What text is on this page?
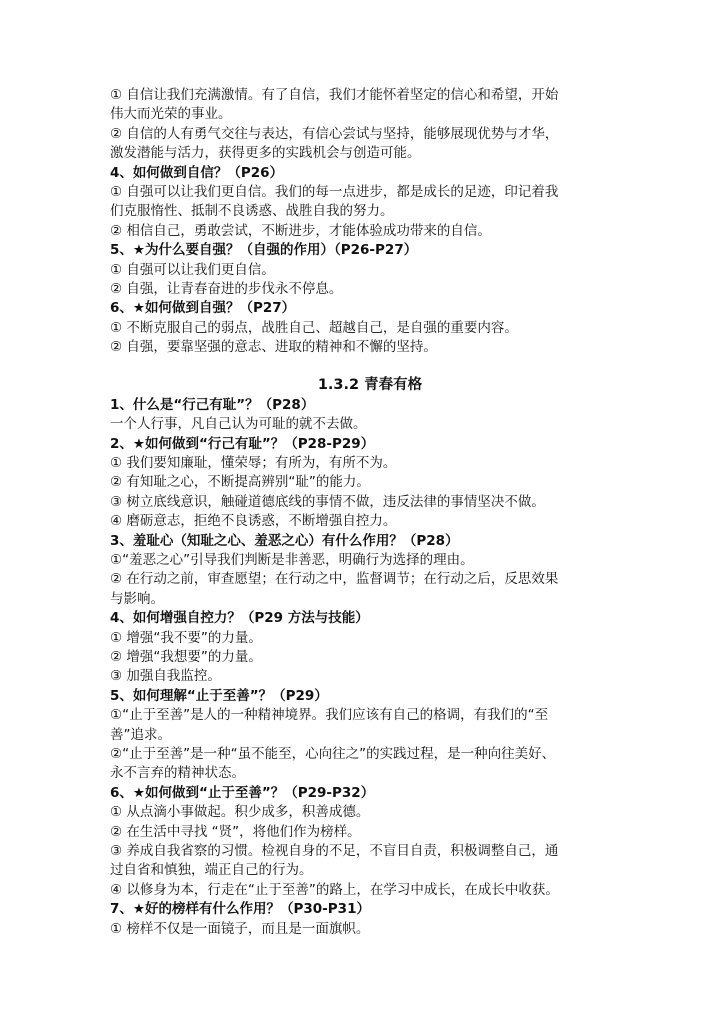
① 自信让我们充满激情。有了自信，我们才能怀着坚定的信心和希望，开始
伟大而光荣的事业。
② 自信的人有勇气交往与表达，有信心尝试与坚持，能够展现优势与才华，
激发潜能与活力，获得更多的实践机会与创造可能。
4、如何做到自信？（P26）
① 自强可以让我们更自信。我们的每一点进步，都是成长的足迹，印记着我
们克服惰性、抵制不良诱惑、战胜自我的努力。
② 相信自己，勇敢尝试，不断进步，才能体验成功带来的自信。
5、★为什么要自强？（自强的作用）（P26-P27）
① 自强可以让我们更自信。
② 自强，让青春奋进的步伐永不停息。
6、★如何做到自强？（P27）
① 不断克服自己的弱点，战胜自己、超越自己，是自强的重要内容。
② 自强，要靠坚强的意志、进取的精神和不懈的坚持。
1.3.2 青春有格
1、什么是“行己有耻”？（P28）
一个人行事，凡自己认为可耻的就不去做。
2、★如何做到“行己有耻”？（P28-P29）
① 我们要知廉耻，懂荣辱；有所为，有所不为。
② 有知耻之心，不断提高辨别“耻”的能力。
③ 树立底线意识，触碰道德底线的事情不做，违反法律的事情坚决不做。
④ 磨砺意志，拒绝不良诱惑，不断增强自控力。
3、羞耻心（知耻之心、羞恶之心）有什么作用？（P28）
①“羞恶之心”引导我们判断是非善恶，明确行为选择的理由。
② 在行动之前，审查愿望；在行动之中，监督调节；在行动之后，反思效果
与影响。
4、如何增强自控力？（P29 方法与技能）
① 增强“我不要”的力量。
② 增强“我想要”的力量。
③ 加强自我监控。
5、如何理解“止于至善”？（P29）
①“止于至善”是人的一种精神境界。我们应该有自己的格调，有我们的“至
善”追求。
②“止于至善”是一种“虽不能至，心向往之”的实践过程，是一种向往美好、
永不言弃的精神状态。
6、★如何做到“止于至善”？（P29-P32）
① 从点滴小事做起。积少成多，积善成德。
② 在生活中寻找 “贤”，将他们作为榜样。
③ 养成自我省察的习惯。检视自身的不足，不盲目自责，积极调整自己，通
过自省和慎独，端正自己的行为。
④ 以修身为本，行走在“止于至善”的路上，在学习中成长，在成长中收获。
7、★好的榜样有什么作用？（P30-P31）
① 榜样不仅是一面镜子，而且是一面旗帜。
